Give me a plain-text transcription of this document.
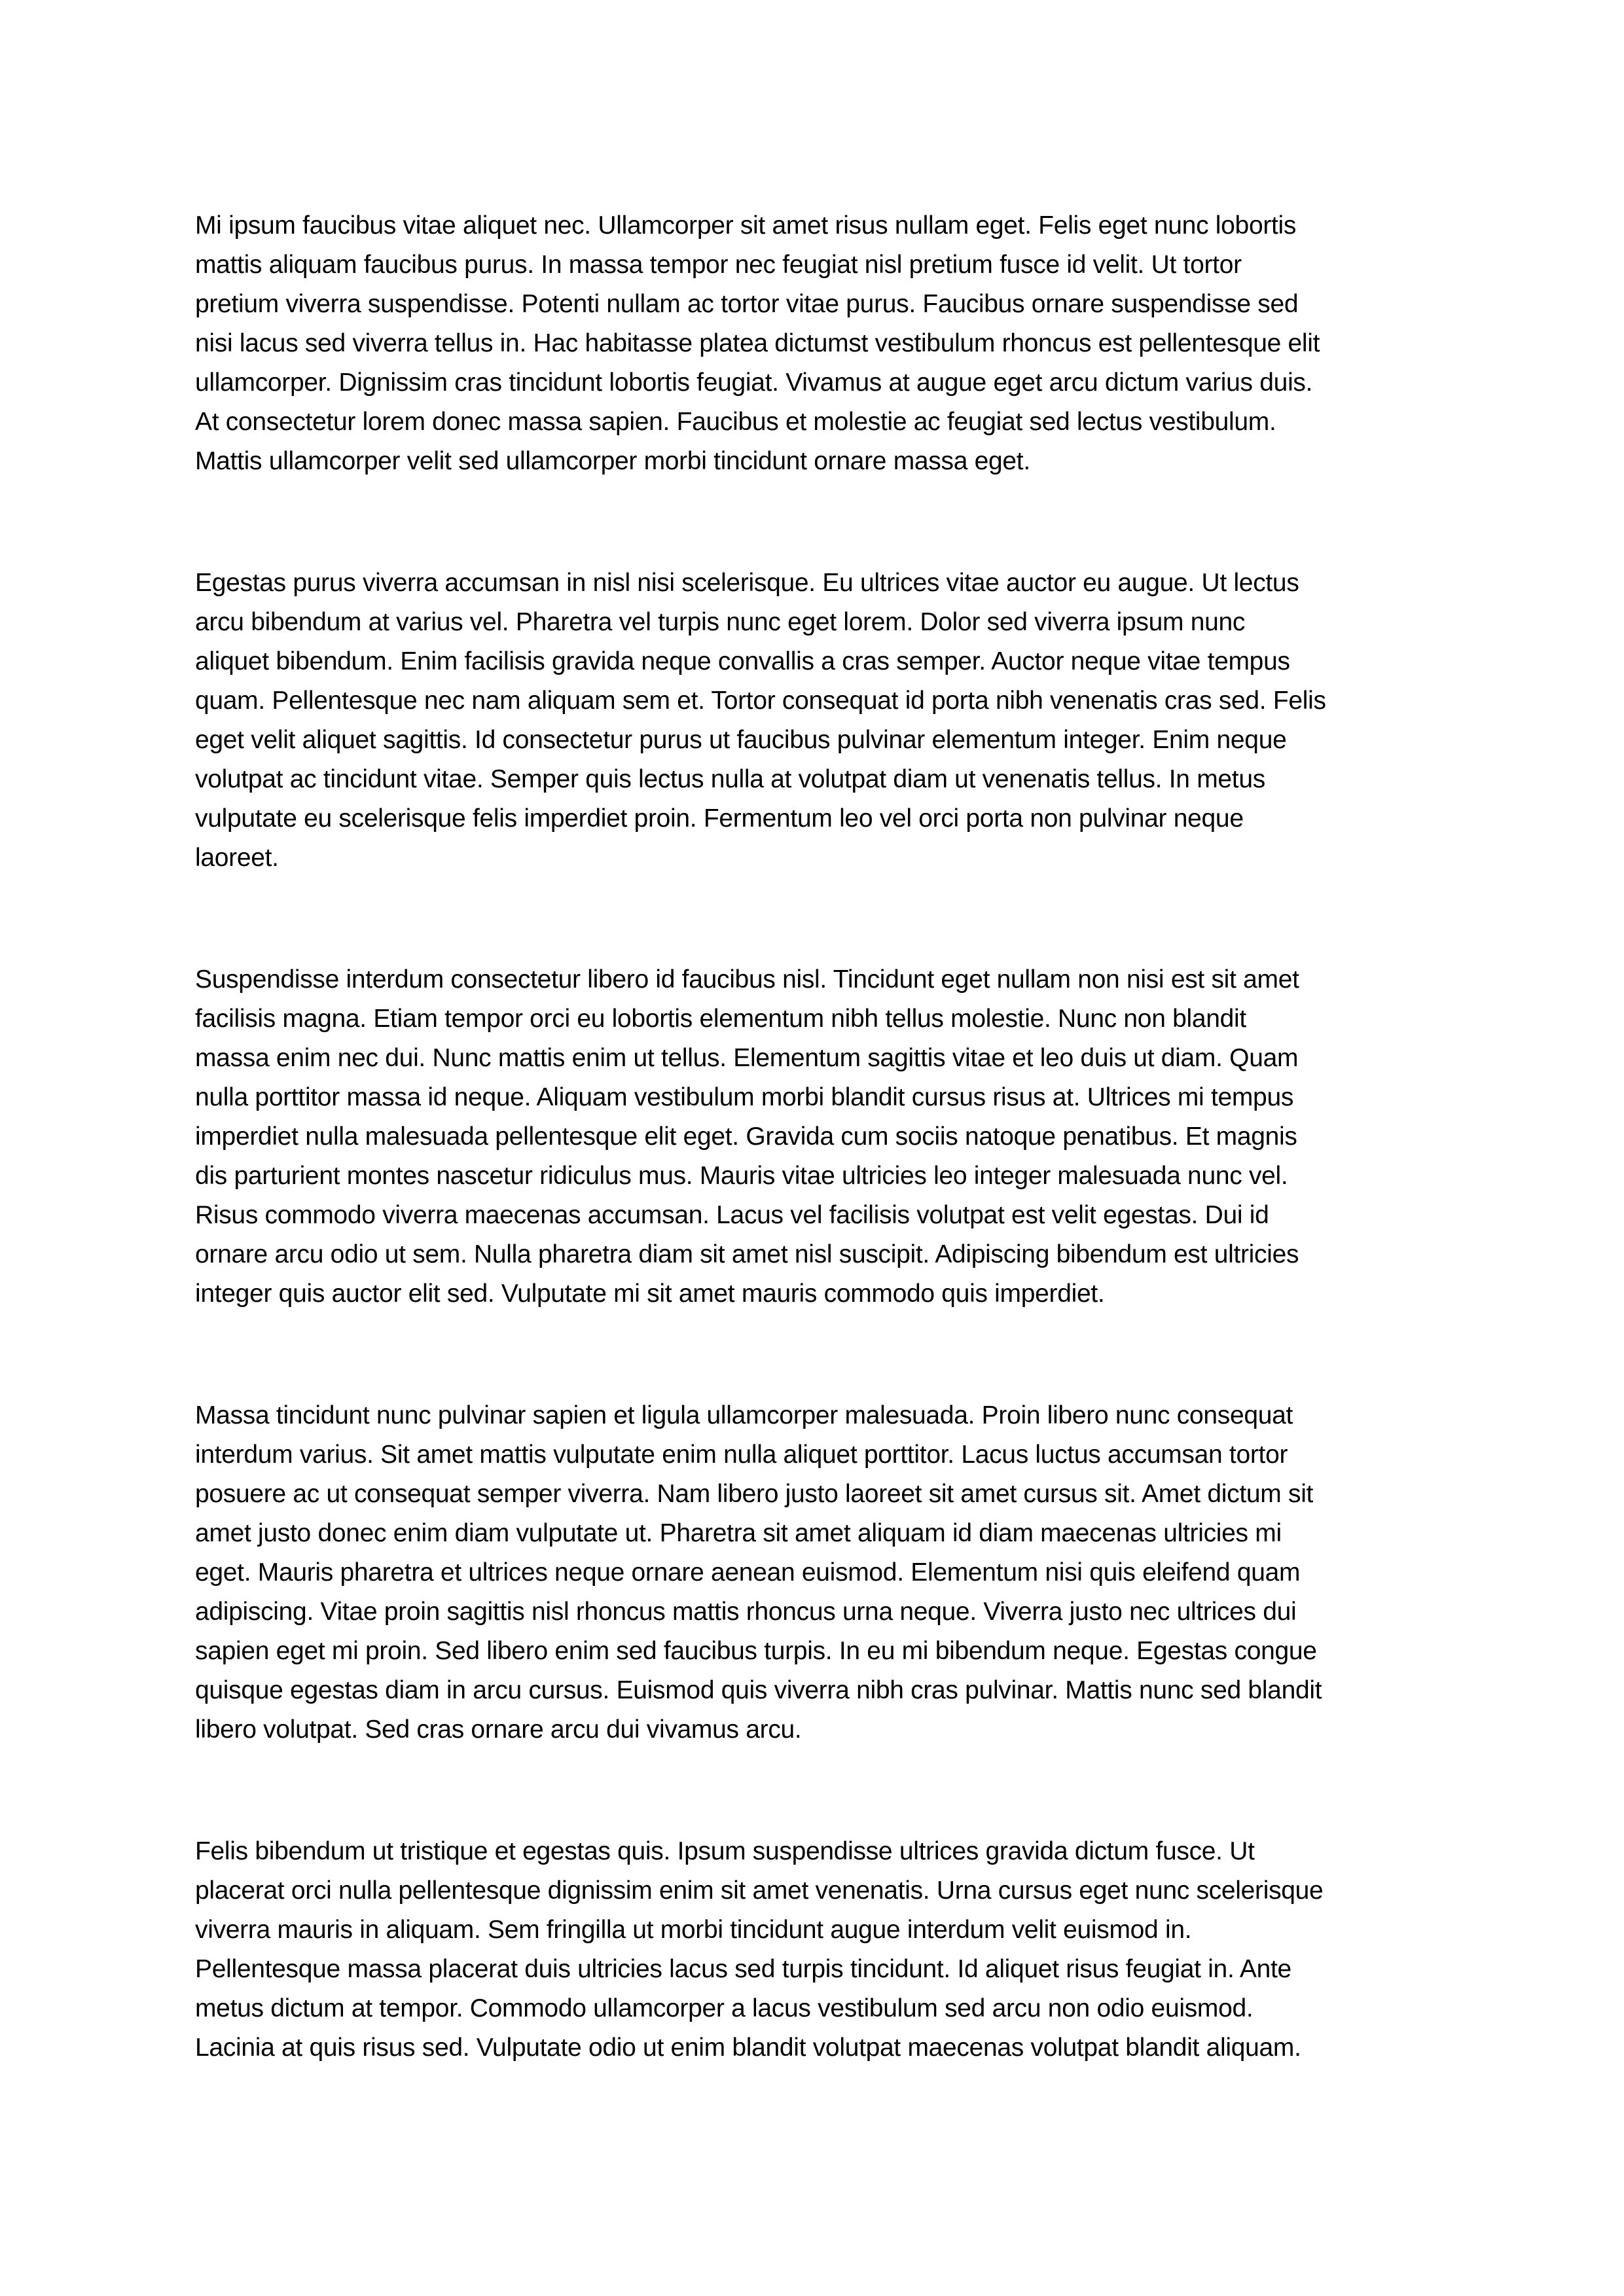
Mi ipsum faucibus vitae aliquet nec. Ullamcorper sit amet risus nullam eget. Felis eget nunc lobortis
mattis aliquam faucibus purus. In massa tempor nec feugiat nisl pretium fusce id velit. Ut tortor
pretium viverra suspendisse. Potenti nullam ac tortor vitae purus. Faucibus ornare suspendisse sed
nisi lacus sed viverra tellus in. Hac habitasse platea dictumst vestibulum rhoncus est pellentesque elit
ullamcorper. Dignissim cras tincidunt lobortis feugiat. Vivamus at augue eget arcu dictum varius duis.
At consectetur lorem donec massa sapien. Faucibus et molestie ac feugiat sed lectus vestibulum.
Mattis ullamcorper velit sed ullamcorper morbi tincidunt ornare massa eget.

Egestas purus viverra accumsan in nisl nisi scelerisque. Eu ultrices vitae auctor eu augue. Ut lectus
arcu bibendum at varius vel. Pharetra vel turpis nunc eget lorem. Dolor sed viverra ipsum nunc
aliquet bibendum. Enim facilisis gravida neque convallis a cras semper. Auctor neque vitae tempus
quam. Pellentesque nec nam aliquam sem et. Tortor consequat id porta nibh venenatis cras sed. Felis
eget velit aliquet sagittis. Id consectetur purus ut faucibus pulvinar elementum integer. Enim neque
volutpat ac tincidunt vitae. Semper quis lectus nulla at volutpat diam ut venenatis tellus. In metus
vulputate eu scelerisque felis imperdiet proin. Fermentum leo vel orci porta non pulvinar neque
laoreet.

Suspendisse interdum consectetur libero id faucibus nisl. Tincidunt eget nullam non nisi est sit amet
facilisis magna. Etiam tempor orci eu lobortis elementum nibh tellus molestie. Nunc non blandit
massa enim nec dui. Nunc mattis enim ut tellus. Elementum sagittis vitae et leo duis ut diam. Quam
nulla porttitor massa id neque. Aliquam vestibulum morbi blandit cursus risus at. Ultrices mi tempus
imperdiet nulla malesuada pellentesque elit eget. Gravida cum sociis natoque penatibus. Et magnis
dis parturient montes nascetur ridiculus mus. Mauris vitae ultricies leo integer malesuada nunc vel.
Risus commodo viverra maecenas accumsan. Lacus vel facilisis volutpat est velit egestas. Dui id
ornare arcu odio ut sem. Nulla pharetra diam sit amet nisl suscipit. Adipiscing bibendum est ultricies
integer quis auctor elit sed. Vulputate mi sit amet mauris commodo quis imperdiet.

Massa tincidunt nunc pulvinar sapien et ligula ullamcorper malesuada. Proin libero nunc consequat
interdum varius. Sit amet mattis vulputate enim nulla aliquet porttitor. Lacus luctus accumsan tortor
posuere ac ut consequat semper viverra. Nam libero justo laoreet sit amet cursus sit. Amet dictum sit
amet justo donec enim diam vulputate ut. Pharetra sit amet aliquam id diam maecenas ultricies mi
eget. Mauris pharetra et ultrices neque ornare aenean euismod. Elementum nisi quis eleifend quam
adipiscing. Vitae proin sagittis nisl rhoncus mattis rhoncus urna neque. Viverra justo nec ultrices dui
sapien eget mi proin. Sed libero enim sed faucibus turpis. In eu mi bibendum neque. Egestas congue
quisque egestas diam in arcu cursus. Euismod quis viverra nibh cras pulvinar. Mattis nunc sed blandit
libero volutpat. Sed cras ornare arcu dui vivamus arcu.

Felis bibendum ut tristique et egestas quis. Ipsum suspendisse ultrices gravida dictum fusce. Ut
placerat orci nulla pellentesque dignissim enim sit amet venenatis. Urna cursus eget nunc scelerisque
viverra mauris in aliquam. Sem fringilla ut morbi tincidunt augue interdum velit euismod in.
Pellentesque massa placerat duis ultricies lacus sed turpis tincidunt. Id aliquet risus feugiat in. Ante
metus dictum at tempor. Commodo ullamcorper a lacus vestibulum sed arcu non odio euismod.
Lacinia at quis risus sed. Vulputate odio ut enim blandit volutpat maecenas volutpat blandit aliquam.
